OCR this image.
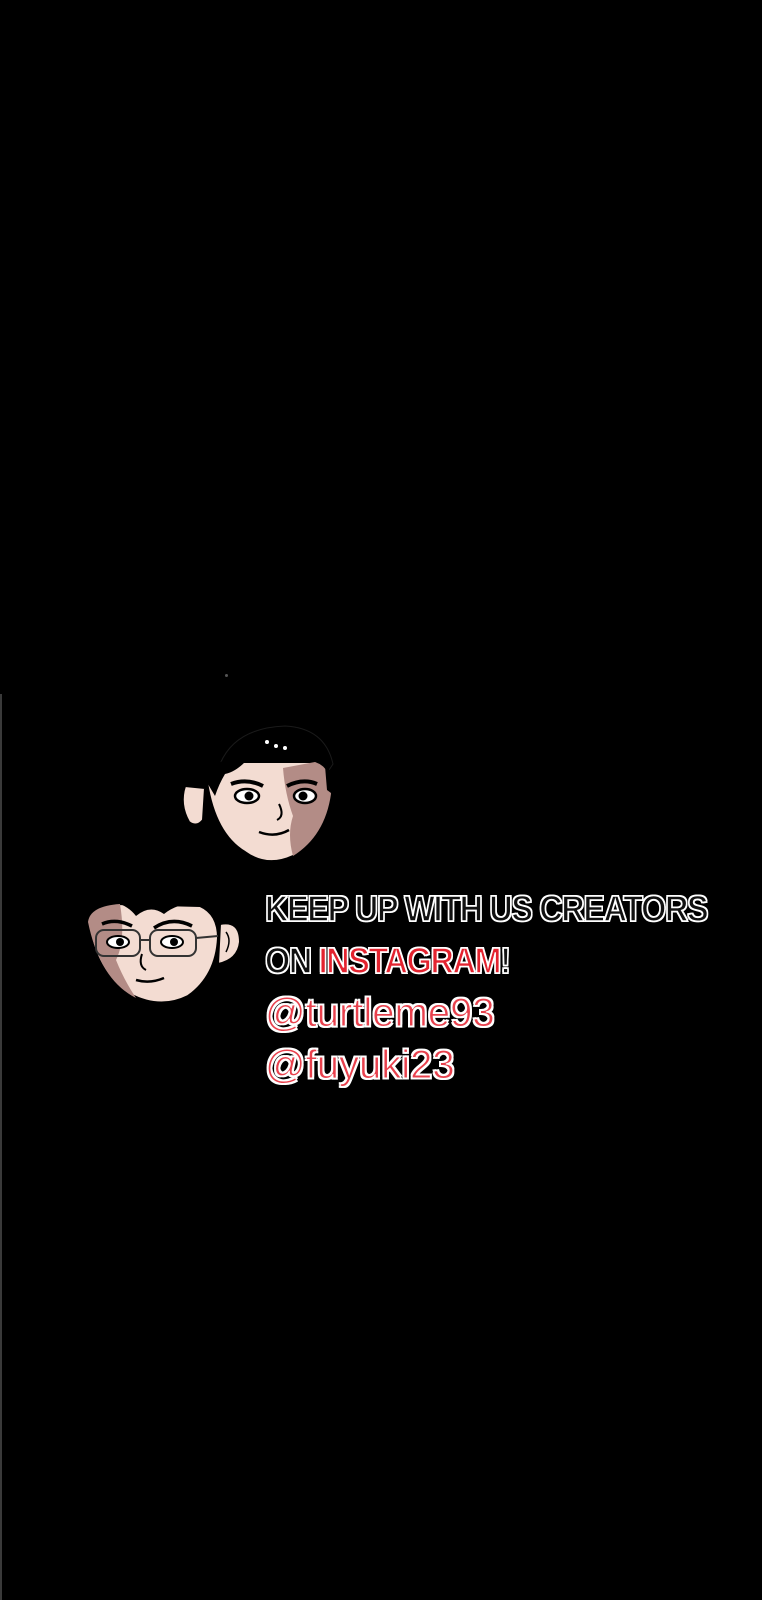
KEEP UP WITH US CREATORS
ON INSTAGRAM!
@turtleme93
@fuyuki23
